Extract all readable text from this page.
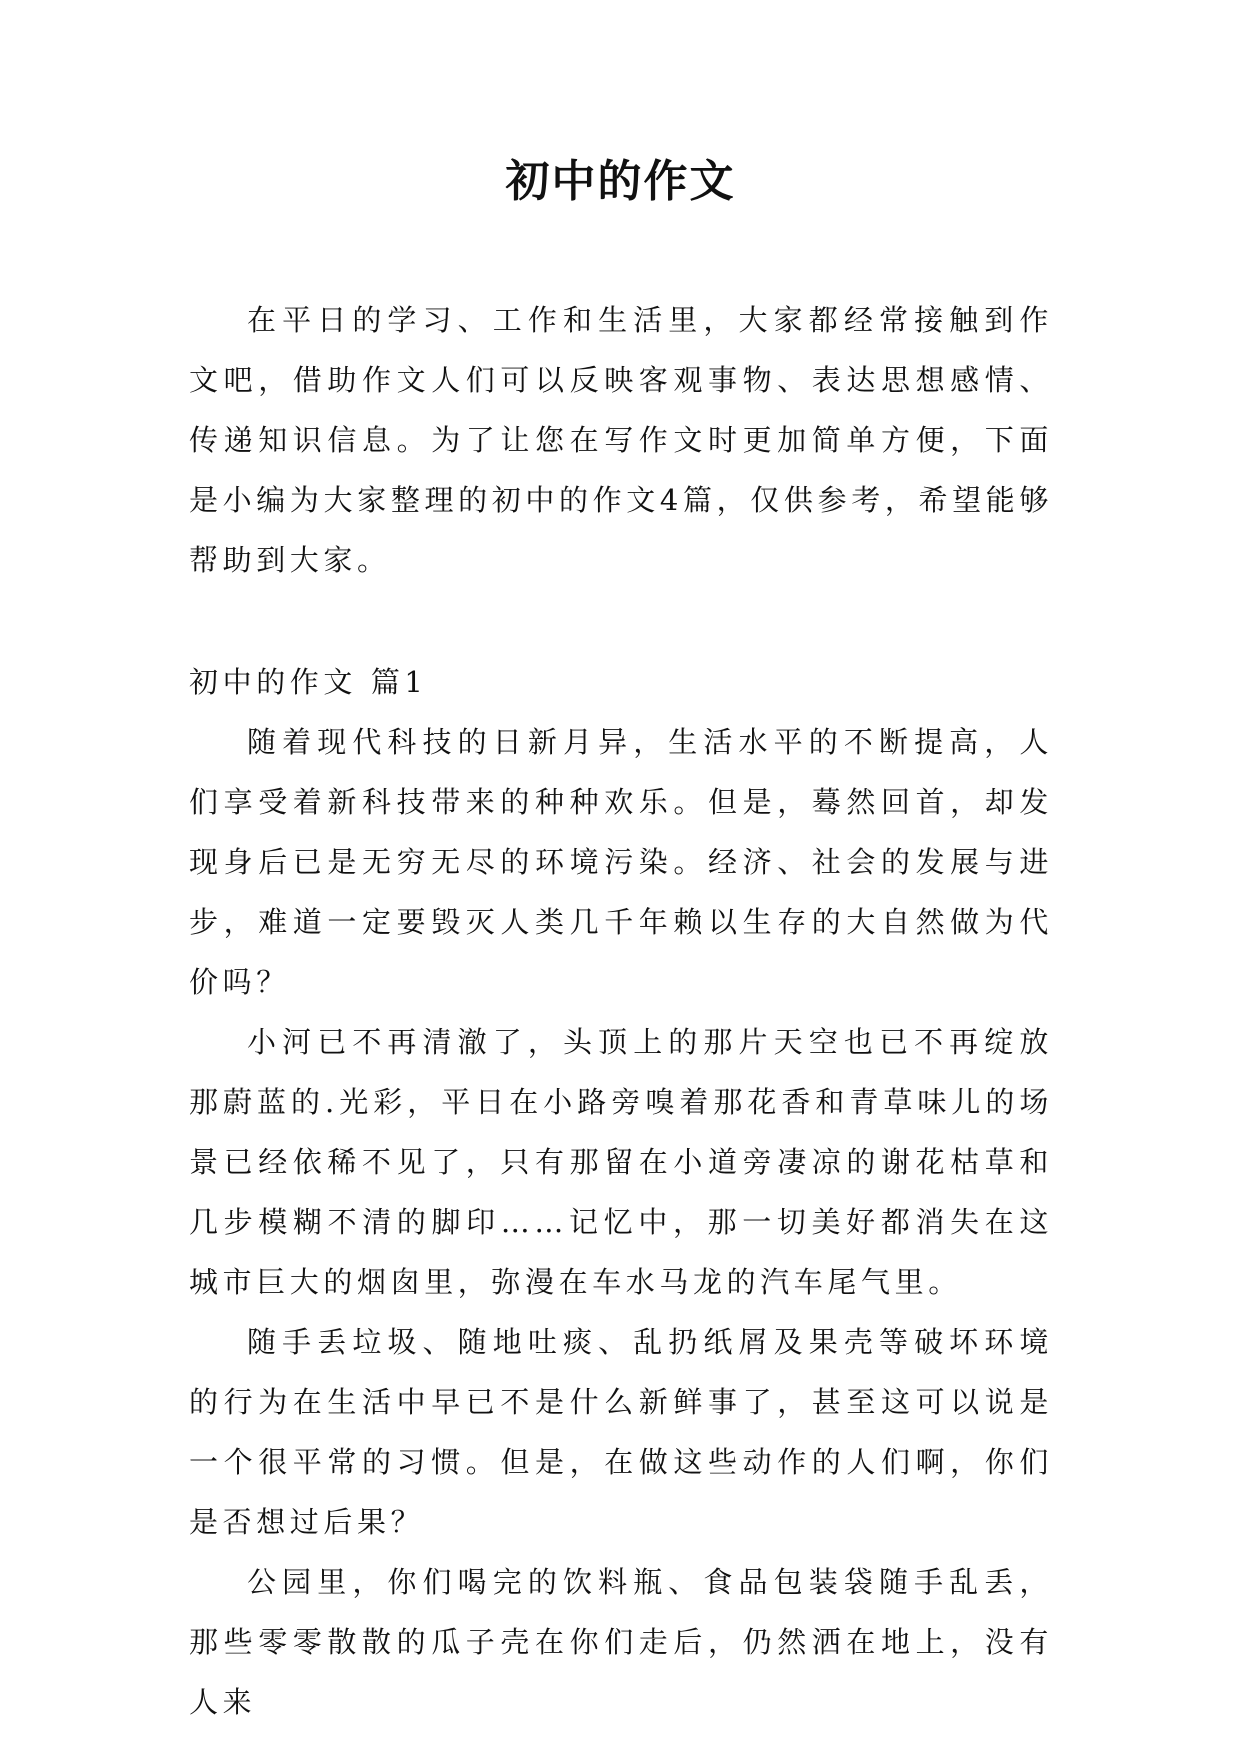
初中的作文

在平日的学习、工作和生活里，大家都经常接触到作文吧，借助作文人们可以反映客观事物、表达思想感情、传递知识信息。为了让您在写作文时更加简单方便，下面是小编为大家整理的初中的作文4篇，仅供参考，希望能够帮助到大家。

初中的作文 篇1

随着现代科技的日新月异，生活水平的不断提高，人们享受着新科技带来的种种欢乐。但是，蓦然回首，却发现身后已是无穷无尽的环境污染。经济、社会的发展与进步，难道一定要毁灭人类几千年赖以生存的大自然做为代价吗？

小河已不再清澈了，头顶上的那片天空也已不再绽放那蔚蓝的.光彩，平日在小路旁嗅着那花香和青草味儿的场景已经依稀不见了，只有那留在小道旁凄凉的谢花枯草和几步模糊不清的脚印……记忆中，那一切美好都消失在这城市巨大的烟囱里，弥漫在车水马龙的汽车尾气里。

随手丢垃圾、随地吐痰、乱扔纸屑及果壳等破坏环境的行为在生活中早已不是什么新鲜事了，甚至这可以说是一个很平常的习惯。但是，在做这些动作的人们啊，你们是否想过后果？

公园里，你们喝完的饮料瓶、食品包装袋随手乱丢，那些零零散散的瓜子壳在你们走后，仍然洒在地上，没有人来
